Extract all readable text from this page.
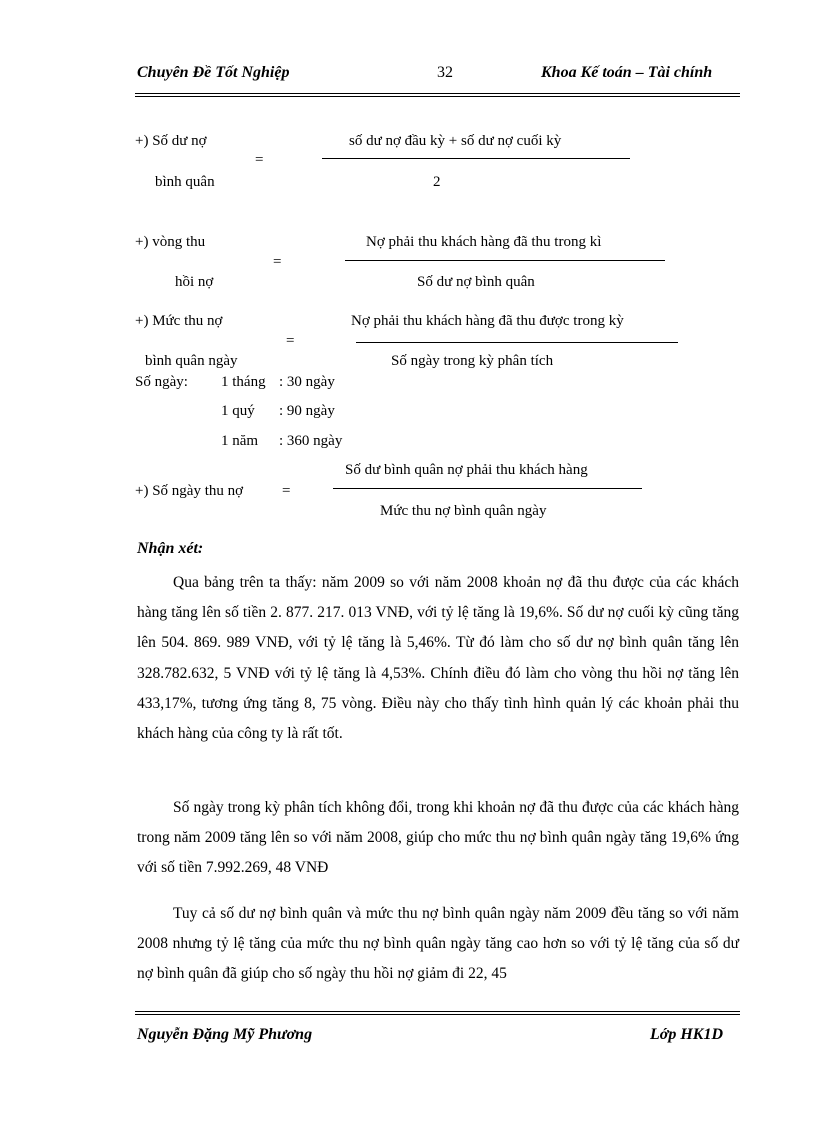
Chuyên Đề Tốt Nghiệp	32	Khoa Kế toán – Tài chính
+) Số dư nợ
bình quân
=
số dư nợ đầu kỳ + số dư nợ cuối kỳ
2
+) vòng thu
hồi nợ
=
Nợ phải thu khách hàng đã thu trong kì
Số dư nợ bình quân
+) Mức thu nợ
bình quân ngày
=
Nợ phải thu khách hàng đã thu được trong kỳ
Số ngày trong kỳ phân tích
Số ngày: 1 tháng : 30 ngày
1 quý : 90 ngày
1 năm : 360 ngày
Số dư bình quân nợ phải thu khách hàng
+) Số ngày thu nợ	=
Mức thu nợ bình quân ngày
Nhận xét:

Qua bảng trên ta thấy: năm 2009 so với năm 2008 khoản nợ đã thu được của các khách hàng tăng lên số tiền 2. 877. 217. 013 VNĐ, với tỷ lệ tăng là 19,6%. Số dư nợ cuối kỳ cũng tăng lên 504. 869. 989 VNĐ, với tỷ lệ tăng là 5,46%. Từ đó làm cho số dư nợ bình quân tăng lên 328.782.632, 5 VNĐ với tỷ lệ tăng là 4,53%. Chính điều đó làm cho vòng thu hồi nợ tăng lên 433,17%, tương ứng tăng 8, 75 vòng. Điều này cho thấy tình hình quản lý các khoản phải thu khách hàng của công ty là rất tốt.

Số ngày trong kỳ phân tích không đổi, trong khi khoản nợ đã thu được của các khách hàng trong năm 2009 tăng lên so với năm 2008, giúp cho mức thu nợ bình quân ngày tăng 19,6% ứng với số tiền 7.992.269, 48 VNĐ

Tuy cả số dư nợ bình quân và mức thu nợ bình quân ngày năm 2009 đều tăng so với năm 2008 nhưng tỷ lệ tăng của mức thu nợ bình quân ngày tăng cao hơn so với tỷ lệ tăng của số dư nợ bình quân đã giúp cho số ngày thu hồi nợ giảm đi 22, 45

Nguyễn Đặng Mỹ Phương	Lớp HK1D
